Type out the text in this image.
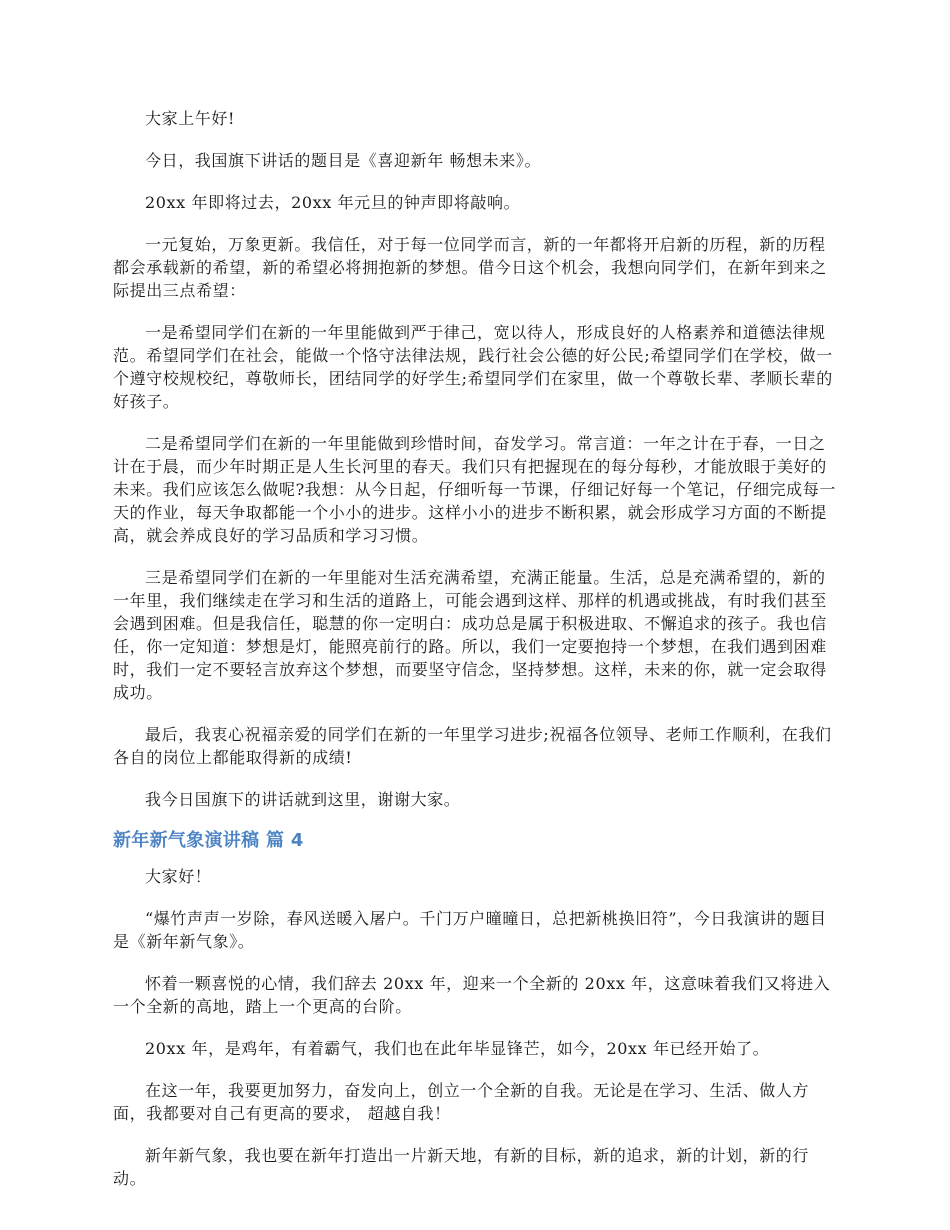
大家上午好!

今日，我国旗下讲话的题目是《喜迎新年 畅想未来》。

20xx 年即将过去，20xx 年元旦的钟声即将敲响。

一元复始，万象更新。我信任，对于每一位同学而言，新的一年都将开启新的历程，新的历程都会承载新的希望，新的希望必将拥抱新的梦想。借今日这个机会，我想向同学们，在新年到来之际提出三点希望：

一是希望同学们在新的一年里能做到严于律己，宽以待人，形成良好的人格素养和道德法律规范。希望同学们在社会，能做一个恪守法律法规，践行社会公德的好公民;希望同学们在学校，做一个遵守校规校纪，尊敬师长，团结同学的好学生;希望同学们在家里，做一个尊敬长辈、孝顺长辈的好孩子。

二是希望同学们在新的一年里能做到珍惜时间，奋发学习。常言道：一年之计在于春，一日之计在于晨，而少年时期正是人生长河里的春天。我们只有把握现在的每分每秒，才能放眼于美好的未来。我们应该怎么做呢?我想：从今日起，仔细听每一节课，仔细记好每一个笔记，仔细完成每一天的作业，每天争取都能一个小小的进步。这样小小的进步不断积累，就会形成学习方面的不断提高，就会养成良好的学习品质和学习习惯。

三是希望同学们在新的一年里能对生活充满希望，充满正能量。生活，总是充满希望的，新的一年里，我们继续走在学习和生活的道路上，可能会遇到这样、那样的机遇或挑战，有时我们甚至会遇到困难。但是我信任，聪慧的你一定明白：成功总是属于积极进取、不懈追求的孩子。我也信任，你一定知道：梦想是灯，能照亮前行的路。所以，我们一定要抱持一个梦想，在我们遇到困难时，我们一定不要轻言放弃这个梦想，而要坚守信念，坚持梦想。这样，未来的你，就一定会取得成功。

最后，我衷心祝福亲爱的同学们在新的一年里学习进步;祝福各位领导、老师工作顺利，在我们各自的岗位上都能取得新的成绩!

我今日国旗下的讲话就到这里，谢谢大家。

新年新气象演讲稿 篇 4

大家好！

“爆竹声声一岁除，春风送暖入屠户。千门万户曈曈日，总把新桃换旧符”，今日我演讲的题目是《新年新气象》。

怀着一颗喜悦的心情，我们辞去 20xx 年，迎来一个全新的 20xx 年，这意味着我们又将进入一个全新的高地，踏上一个更高的台阶。

20xx 年，是鸡年，有着霸气，我们也在此年毕显锋芒，如今，20xx 年已经开始了。

在这一年，我要更加努力，奋发向上，创立一个全新的自我。无论是在学习、生活、做人方面，我都要对自己有更高的要求， 超越自我！

新年新气象，我也要在新年打造出一片新天地，有新的目标，新的追求，新的计划，新的行动。
